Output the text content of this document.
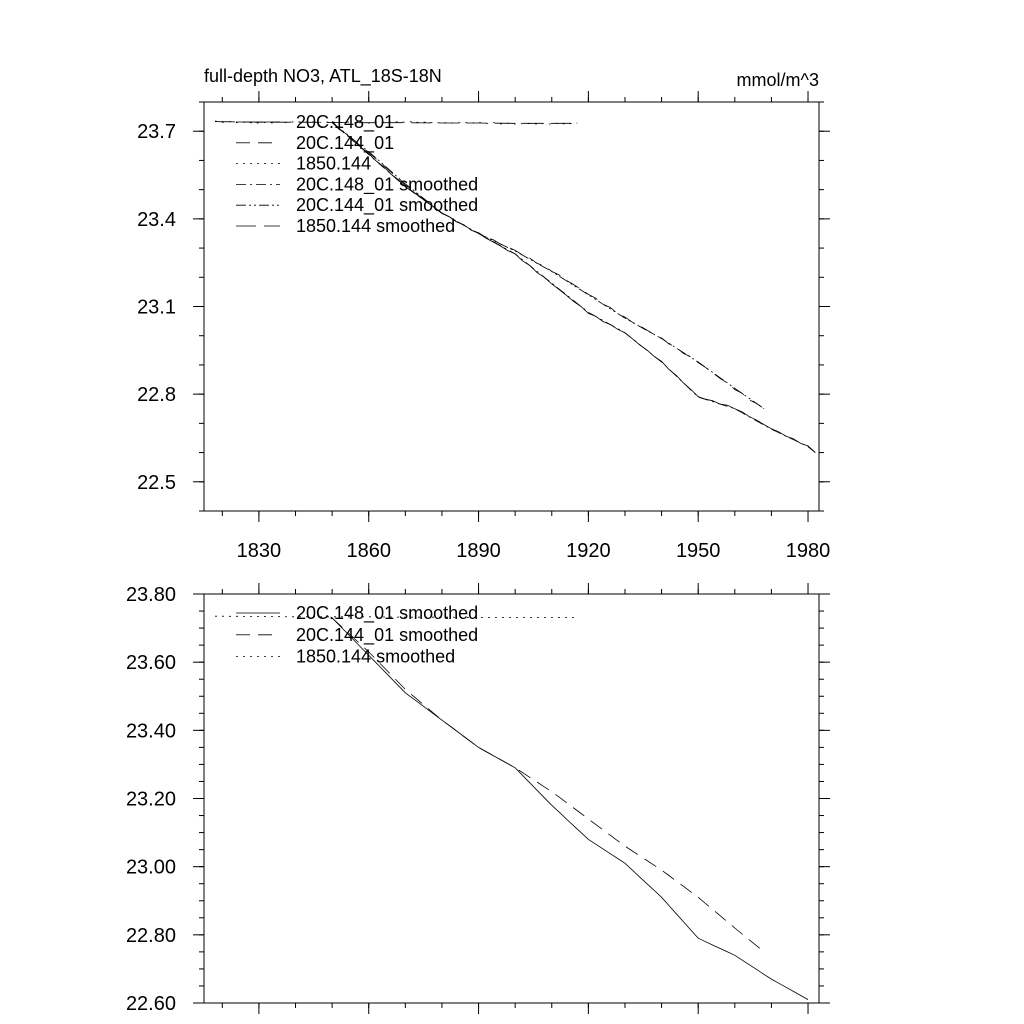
full-depth NO3, ATL_18S-18N	mmol/m^3
1830	1860	1890	1920	1950	1980
22.5
22.8
23.1
23.4
23.7	20C.148_01
20C.144_01
1850.144
20C.148_01 smoothed
20C.144_01 smoothed
1850.144 smoothed
22.60
22.80
23.00
23.20
23.40
23.60
23.80
20C.148_01 smoothed
20C.144_01 smoothed
1850.144 smoothed
